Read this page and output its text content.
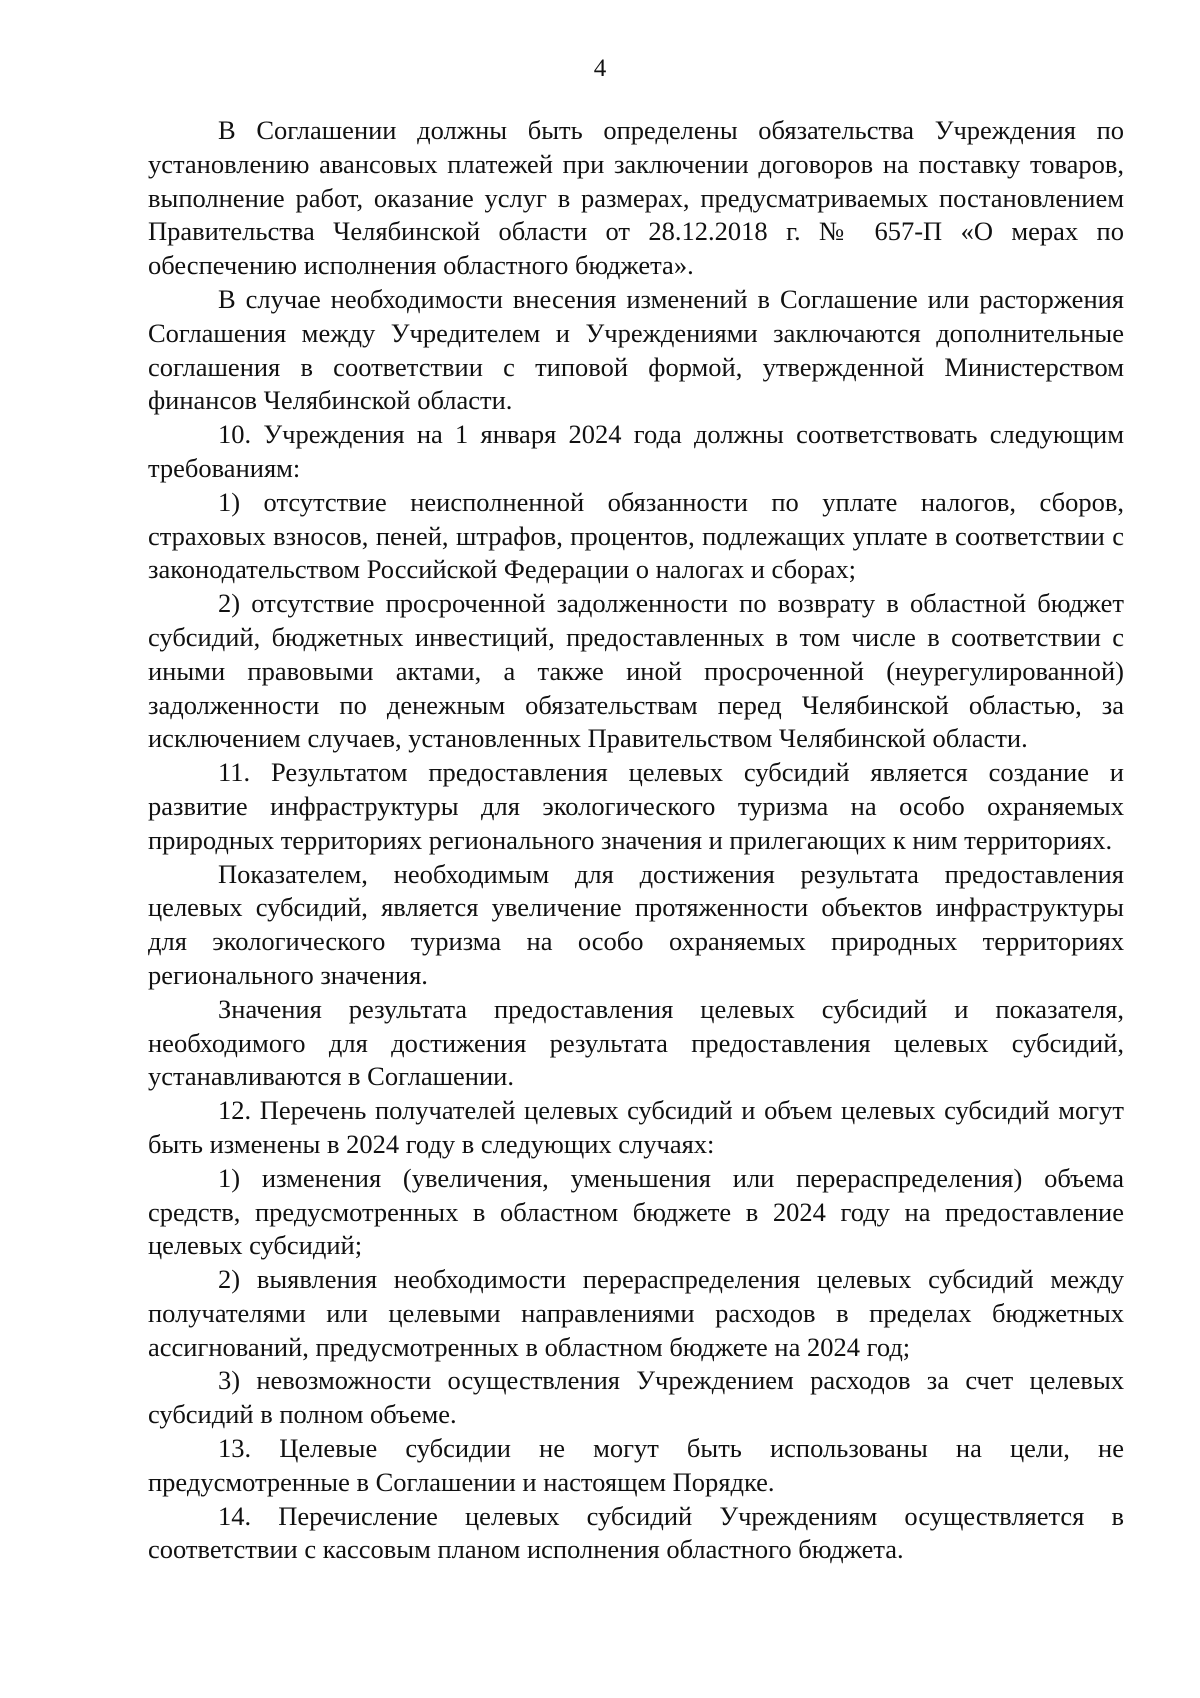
4

В Соглашении должны быть определены обязательства Учреждения по установлению авансовых платежей при заключении договоров на поставку товаров, выполнение работ, оказание услуг в размерах, предусматриваемых постановлением Правительства Челябинской области от 28.12.2018 г. № 657-П «О мерах по обеспечению исполнения областного бюджета».

В случае необходимости внесения изменений в Соглашение или расторжения Соглашения между Учредителем и Учреждениями заключаются дополнительные соглашения в соответствии с типовой формой, утвержденной Министерством финансов Челябинской области.

10. Учреждения на 1 января 2024 года должны соответствовать следующим требованиям:

1) отсутствие неисполненной обязанности по уплате налогов, сборов, страховых взносов, пеней, штрафов, процентов, подлежащих уплате в соответствии с законодательством Российской Федерации о налогах и сборах;

2) отсутствие просроченной задолженности по возврату в областной бюджет субсидий, бюджетных инвестиций, предоставленных в том числе в соответствии с иными правовыми актами, а также иной просроченной (неурегулированной) задолженности по денежным обязательствам перед Челябинской областью, за исключением случаев, установленных Правительством Челябинской области.

11. Результатом предоставления целевых субсидий является создание и развитие инфраструктуры для экологического туризма на особо охраняемых природных территориях регионального значения и прилегающих к ним территориях.

Показателем, необходимым для достижения результата предоставления целевых субсидий, является увеличение протяженности объектов инфраструктуры для экологического туризма на особо охраняемых природных территориях регионального значения.

Значения результата предоставления целевых субсидий и показателя, необходимого для достижения результата предоставления целевых субсидий, устанавливаются в Соглашении.

12. Перечень получателей целевых субсидий и объем целевых субсидий могут быть изменены в 2024 году в следующих случаях:

1) изменения (увеличения, уменьшения или перераспределения) объема средств, предусмотренных в областном бюджете в 2024 году на предоставление целевых субсидий;

2) выявления необходимости перераспределения целевых субсидий между получателями или целевыми направлениями расходов в пределах бюджетных ассигнований, предусмотренных в областном бюджете на 2024 год;

3) невозможности осуществления Учреждением расходов за счет целевых субсидий в полном объеме.

13. Целевые субсидии не могут быть использованы на цели, не предусмотренные в Соглашении и настоящем Порядке.

14. Перечисление целевых субсидий Учреждениям осуществляется в соответствии с кассовым планом исполнения областного бюджета.
